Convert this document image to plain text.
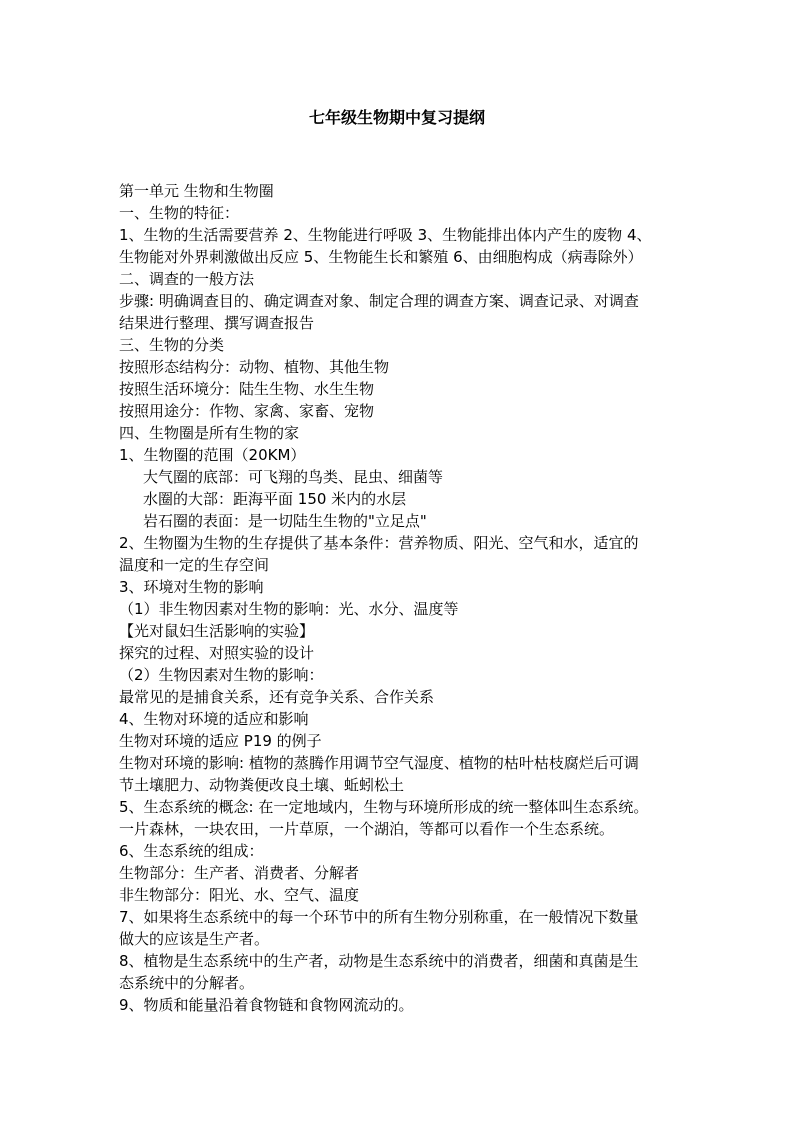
七年级生物期中复习提纲
第一单元 生物和生物圈
一、生物的特征：
1、生物的生活需要营养 2、生物能进行呼吸 3、生物能排出体内产生的废物 4、
生物能对外界刺激做出反应 5、生物能生长和繁殖 6、由细胞构成（病毒除外）
二、调查的一般方法
步骤: 明确调查目的、确定调查对象、制定合理的调查方案、调查记录、对调查
结果进行整理、撰写调查报告
三、生物的分类
按照形态结构分：动物、植物、其他生物
按照生活环境分：陆生生物、水生生物
按照用途分：作物、家禽、家畜、宠物
四、生物圈是所有生物的家
1、生物圈的范围（20KM）
大气圈的底部：可飞翔的鸟类、昆虫、细菌等
水圈的大部：距海平面 150 米内的水层
岩石圈的表面：是一切陆生生物的"立足点"
2、生物圈为生物的生存提供了基本条件：营养物质、阳光、空气和水，适宜的
温度和一定的生存空间
3、环境对生物的影响
（1）非生物因素对生物的影响：光、水分、温度等
【光对鼠妇生活影响的实验】
探究的过程、对照实验的设计
（2）生物因素对生物的影响：
最常见的是捕食关系，还有竞争关系、合作关系
4、生物对环境的适应和影响
生物对环境的适应 P19 的例子
生物对环境的影响: 植物的蒸腾作用调节空气湿度、植物的枯叶枯枝腐烂后可调
节土壤肥力、动物粪便改良土壤、蚯蚓松土
5、生态系统的概念: 在一定地域内，生物与环境所形成的统一整体叫生态系统。
一片森林，一块农田，一片草原，一个湖泊，等都可以看作一个生态系统。
6、生态系统的组成：
生物部分：生产者、消费者、分解者
非生物部分：阳光、水、空气、温度
7、如果将生态系统中的每一个环节中的所有生物分别称重，在一般情况下数量
做大的应该是生产者。
8、植物是生态系统中的生产者，动物是生态系统中的消费者，细菌和真菌是生
态系统中的分解者。
9、物质和能量沿着食物链和食物网流动的。
